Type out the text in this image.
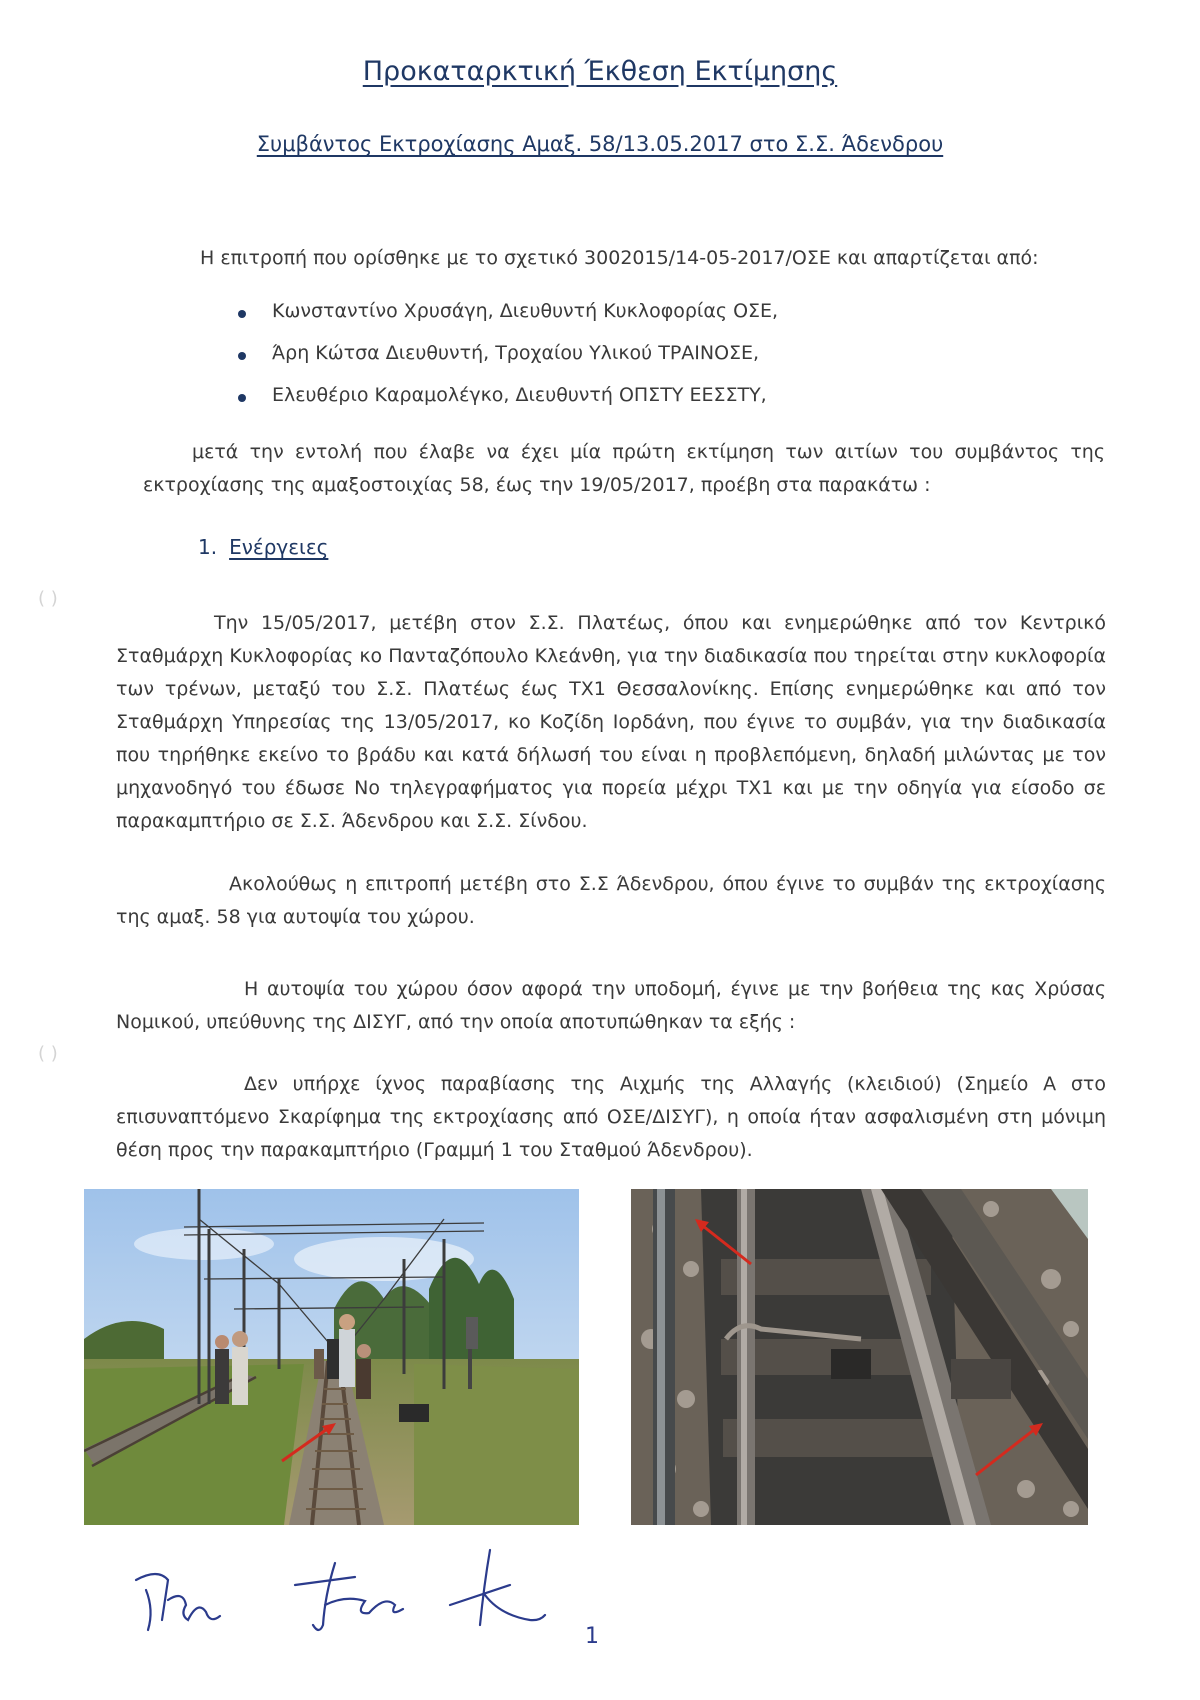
Προκαταρκτική Έκθεση Εκτίμησης
Συμβάντος Εκτροχίασης Αμαξ. 58/13.05.2017 στο Σ.Σ. Άδενδρου
Η επιτροπή που ορίσθηκε με το σχετικό 3002015/14-05-2017/ΟΣΕ και απαρτίζεται από:
Κωνσταντίνο Χρυσάγη, Διευθυντή Κυκλοφορίας ΟΣΕ,
Άρη Κώτσα Διευθυντή, Τροχαίου Υλικού ΤΡΑΙΝΟΣΕ,
Ελευθέριο Καραμολέγκο, Διευθυντή ΟΠΣΤΥ ΕΕΣΣΤΥ,
μετά την εντολή που έλαβε να έχει μία πρώτη εκτίμηση των αιτίων του συμβάντος της εκτροχίασης της αμαξοστοιχίας 58, έως την 19/05/2017, προέβη στα παρακάτω :
1. Ενέργειες
( )
( )
Την 15/05/2017, μετέβη στον Σ.Σ. Πλατέως, όπου και ενημερώθηκε από τον Κεντρικό Σταθμάρχη Κυκλοφορίας κο Πανταζόπουλο Κλεάνθη, για την διαδικασία που τηρείται στην κυκλοφορία των τρένων, μεταξύ του Σ.Σ. Πλατέως έως ΤΧ1 Θεσσαλονίκης. Επίσης ενημερώθηκε και από τον Σταθμάρχη Υπηρεσίας της 13/05/2017, κο Κοζίδη Ιορδάνη, που έγινε το συμβάν, για την διαδικασία που τηρήθηκε εκείνο το βράδυ και κατά δήλωσή του είναι η προβλεπόμενη, δηλαδή μιλώντας με τον μηχανοδηγό του έδωσε Νο τηλεγραφήματος για πορεία μέχρι ΤΧ1 και με την οδηγία για είσοδο σε παρακαμπτήριο σε Σ.Σ. Άδενδρου και Σ.Σ. Σίνδου.
Ακολούθως η επιτροπή μετέβη στο Σ.Σ Άδενδρου, όπου έγινε το συμβάν της εκτροχίασης της αμαξ. 58 για αυτοψία του χώρου.
Η αυτοψία του χώρου όσον αφορά την υποδομή, έγινε με την βοήθεια της κας Χρύσας Νομικού, υπεύθυνης της ΔΙΣΥΓ, από την οποία αποτυπώθηκαν τα εξής :
Δεν υπήρχε ίχνος παραβίασης της Αιχμής της Αλλαγής (κλειδιού) (Σημείο Α στο επισυναπτόμενο Σκαρίφημα της εκτροχίασης από ΟΣΕ/ΔΙΣΥΓ), η οποία ήταν ασφαλισμένη στη μόνιμη θέση προς την παρακαμπτήριο (Γραμμή 1 του Σταθμού Άδενδρου).
1
